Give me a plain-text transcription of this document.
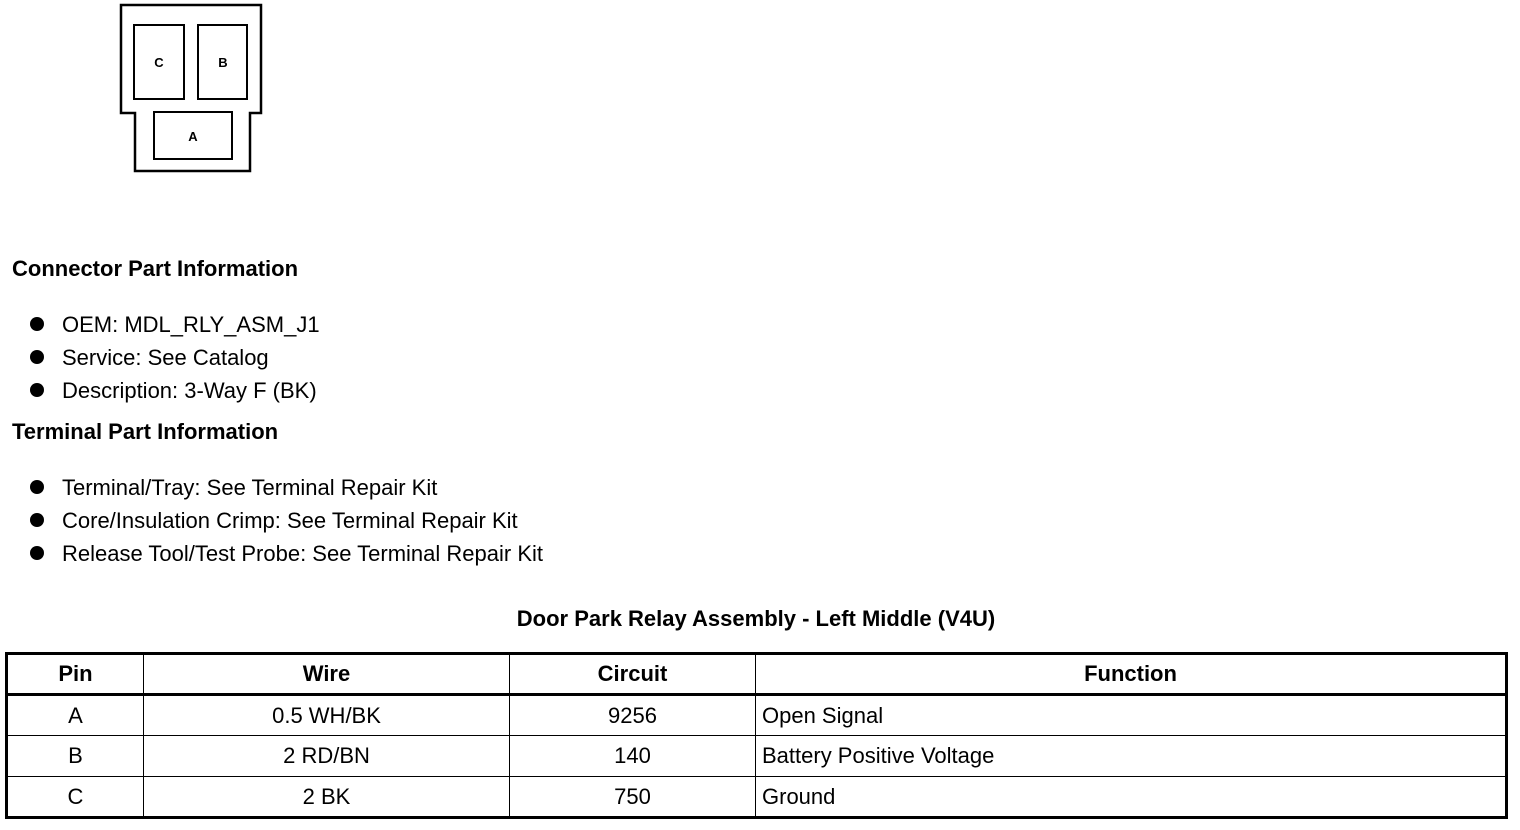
C	B
A
Connector Part Information
OEM: MDL_RLY_ASM_J1
Service: See Catalog
Description: 3-Way F (BK)
Terminal Part Information
Terminal/Tray: See Terminal Repair Kit
Core/Insulation Crimp: See Terminal Repair Kit
Release Tool/Test Probe: See Terminal Repair Kit
Door Park Relay Assembly - Left Middle (V4U)
Pin	Wire	Circuit	Function
A	0.5 WH/BK	9256	Open Signal
B	2 RD/BN	140	Battery Positive Voltage
C	2 BK	750	Ground
